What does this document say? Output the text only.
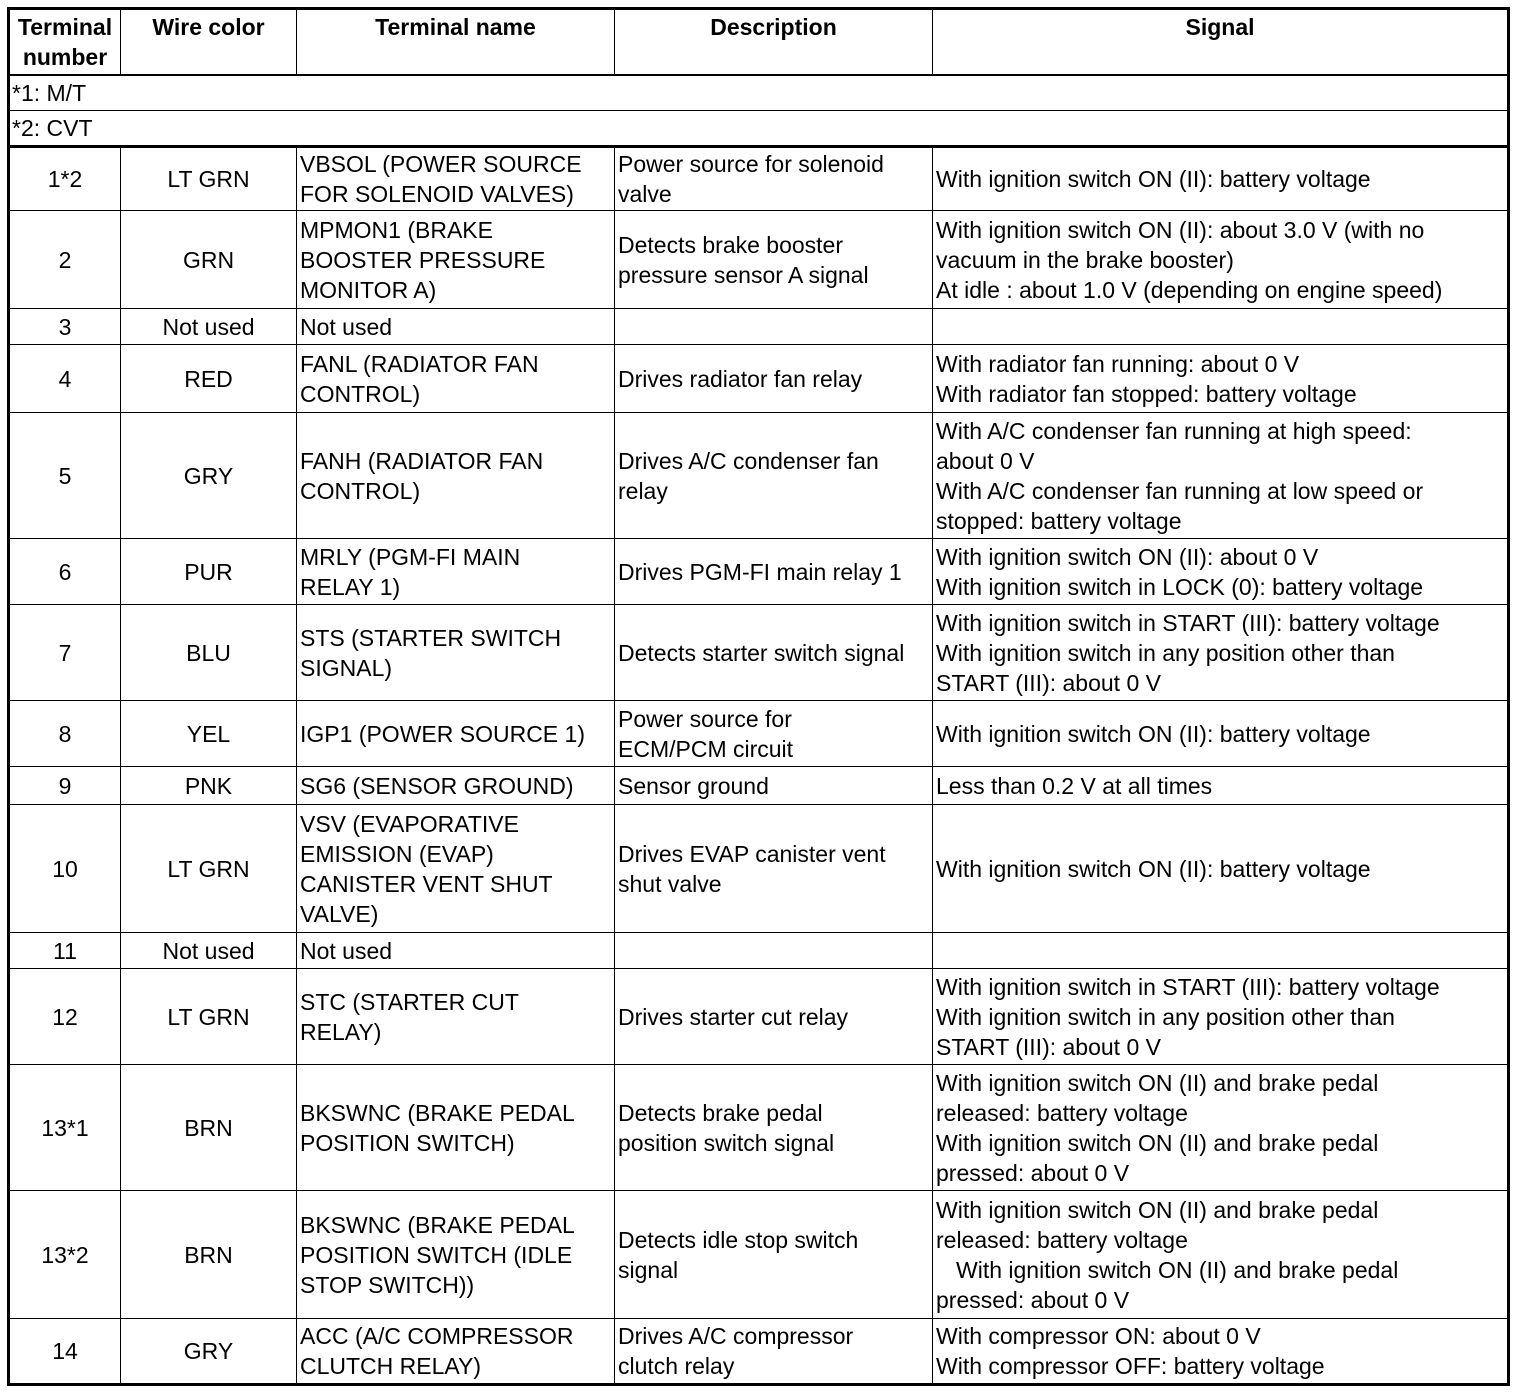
Terminal
number	Wire color	Terminal name	Description	Signal
*1: M/T				
*2: CVT				
1*2	LT GRN	VBSOL (POWER SOURCE
FOR SOLENOID VALVES)	Power source for solenoid
valve	With ignition switch ON (II): battery voltage

2	GRN	MPMON1 (BRAKE
BOOSTER PRESSURE
MONITOR A)	Detects brake booster
pressure sensor A signal	With ignition switch ON (II): about 3.0 V (with no
vacuum in the brake booster)
At idle : about 1.0 V (depending on engine speed)

3	Not used	Not used		

4	RED	FANL (RADIATOR FAN
CONTROL)	Drives radiator fan relay	With radiator fan running: about 0 V
With radiator fan stopped: battery voltage

5	GRY	FANH (RADIATOR FAN
CONTROL)	Drives A/C condenser fan
relay	With A/C condenser fan running at high speed:
about 0 V
With A/C condenser fan running at low speed or
stopped: battery voltage

6	PUR	MRLY (PGM-FI MAIN
RELAY 1)	Drives PGM-FI main relay 1	With ignition switch ON (II): about 0 V
With ignition switch in LOCK (0): battery voltage

7	BLU	STS (STARTER SWITCH
SIGNAL)	Detects starter switch signal	With ignition switch in START (III): battery voltage
With ignition switch in any position other than
START (III): about 0 V

8	YEL	IGP1 (POWER SOURCE 1)	Power source for
ECM/PCM circuit	With ignition switch ON (II): battery voltage

9	PNK	SG6 (SENSOR GROUND)	Sensor ground	Less than 0.2 V at all times

10	LT GRN	VSV (EVAPORATIVE
EMISSION (EVAP)
CANISTER VENT SHUT
VALVE)	Drives EVAP canister vent
shut valve	With ignition switch ON (II): battery voltage

11	Not used	Not used		

12	LT GRN	STC (STARTER CUT
RELAY)	Drives starter cut relay	With ignition switch in START (III): battery voltage
With ignition switch in any position other than
START (III): about 0 V

13*1	BRN	BKSWNC (BRAKE PEDAL
POSITION SWITCH)	Detects brake pedal
position switch signal	With ignition switch ON (II) and brake pedal
released: battery voltage
With ignition switch ON (II) and brake pedal
pressed: about 0 V

13*2	BRN	BKSWNC (BRAKE PEDAL
POSITION SWITCH (IDLE
STOP SWITCH))	Detects idle stop switch
signal	With ignition switch ON (II) and brake pedal
released: battery voltage
With ignition switch ON (II) and brake pedal
pressed: about 0 V

14	GRY	ACC (A/C COMPRESSOR
CLUTCH RELAY)	Drives A/C compressor
clutch relay	With compressor ON: about 0 V
With compressor OFF: battery voltage
